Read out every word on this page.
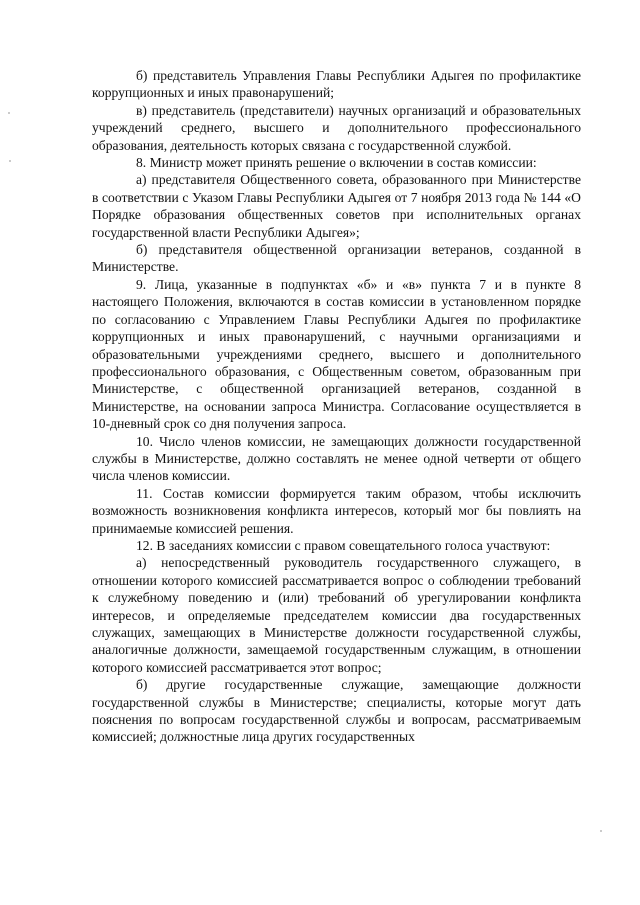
б) представитель Управления Главы Республики Адыгея по профилактике коррупционных и иных правонарушений;

в) представитель (представители) научных организаций и образовательных учреждений среднего, высшего и дополнительного профессионального образования, деятельность которых связана с государственной службой.

8. Министр может принять решение о включении в состав комиссии:

а) представителя Общественного совета, образованного при Министерстве в соответствии с Указом Главы Республики Адыгея от 7 ноября 2013 года № 144 «О Порядке образования общественных советов при исполнительных органах государственной власти Республики Адыгея»;

б) представителя общественной организации ветеранов, созданной в Министерстве.

9. Лица, указанные в подпунктах «б» и «в» пункта 7 и в пункте 8 настоящего Положения, включаются в состав комиссии в установленном порядке по согласованию с Управлением Главы Республики Адыгея по профилактике коррупционных и иных правонарушений, с научными организациями и образовательными учреждениями среднего, высшего и дополнительного профессионального образования, с Общественным советом, образованным при Министерстве, с общественной организацией ветеранов, созданной в Министерстве, на основании запроса Министра. Согласование осуществляется в 10-дневный срок со дня получения запроса.

10. Число членов комиссии, не замещающих должности государственной службы в Министерстве, должно составлять не менее одной четверти от общего числа членов комиссии.

11. Состав комиссии формируется таким образом, чтобы исключить возможность возникновения конфликта интересов, который мог бы повлиять на принимаемые комиссией решения.

12. В заседаниях комиссии с правом совещательного голоса участвуют:

а) непосредственный руководитель государственного служащего, в отношении которого комиссией рассматривается вопрос о соблюдении требований к служебному поведению и (или) требований об урегулировании конфликта интересов, и определяемые председателем комиссии два государственных служащих, замещающих в Министерстве должности государственной службы, аналогичные должности, замещаемой государственным служащим, в отношении которого комиссией рассматривается этот вопрос;

б) другие государственные служащие, замещающие должности государственной службы в Министерстве; специалисты, которые могут дать пояснения по вопросам государственной службы и вопросам, рассматриваемым комиссией; должностные лица других государственных
